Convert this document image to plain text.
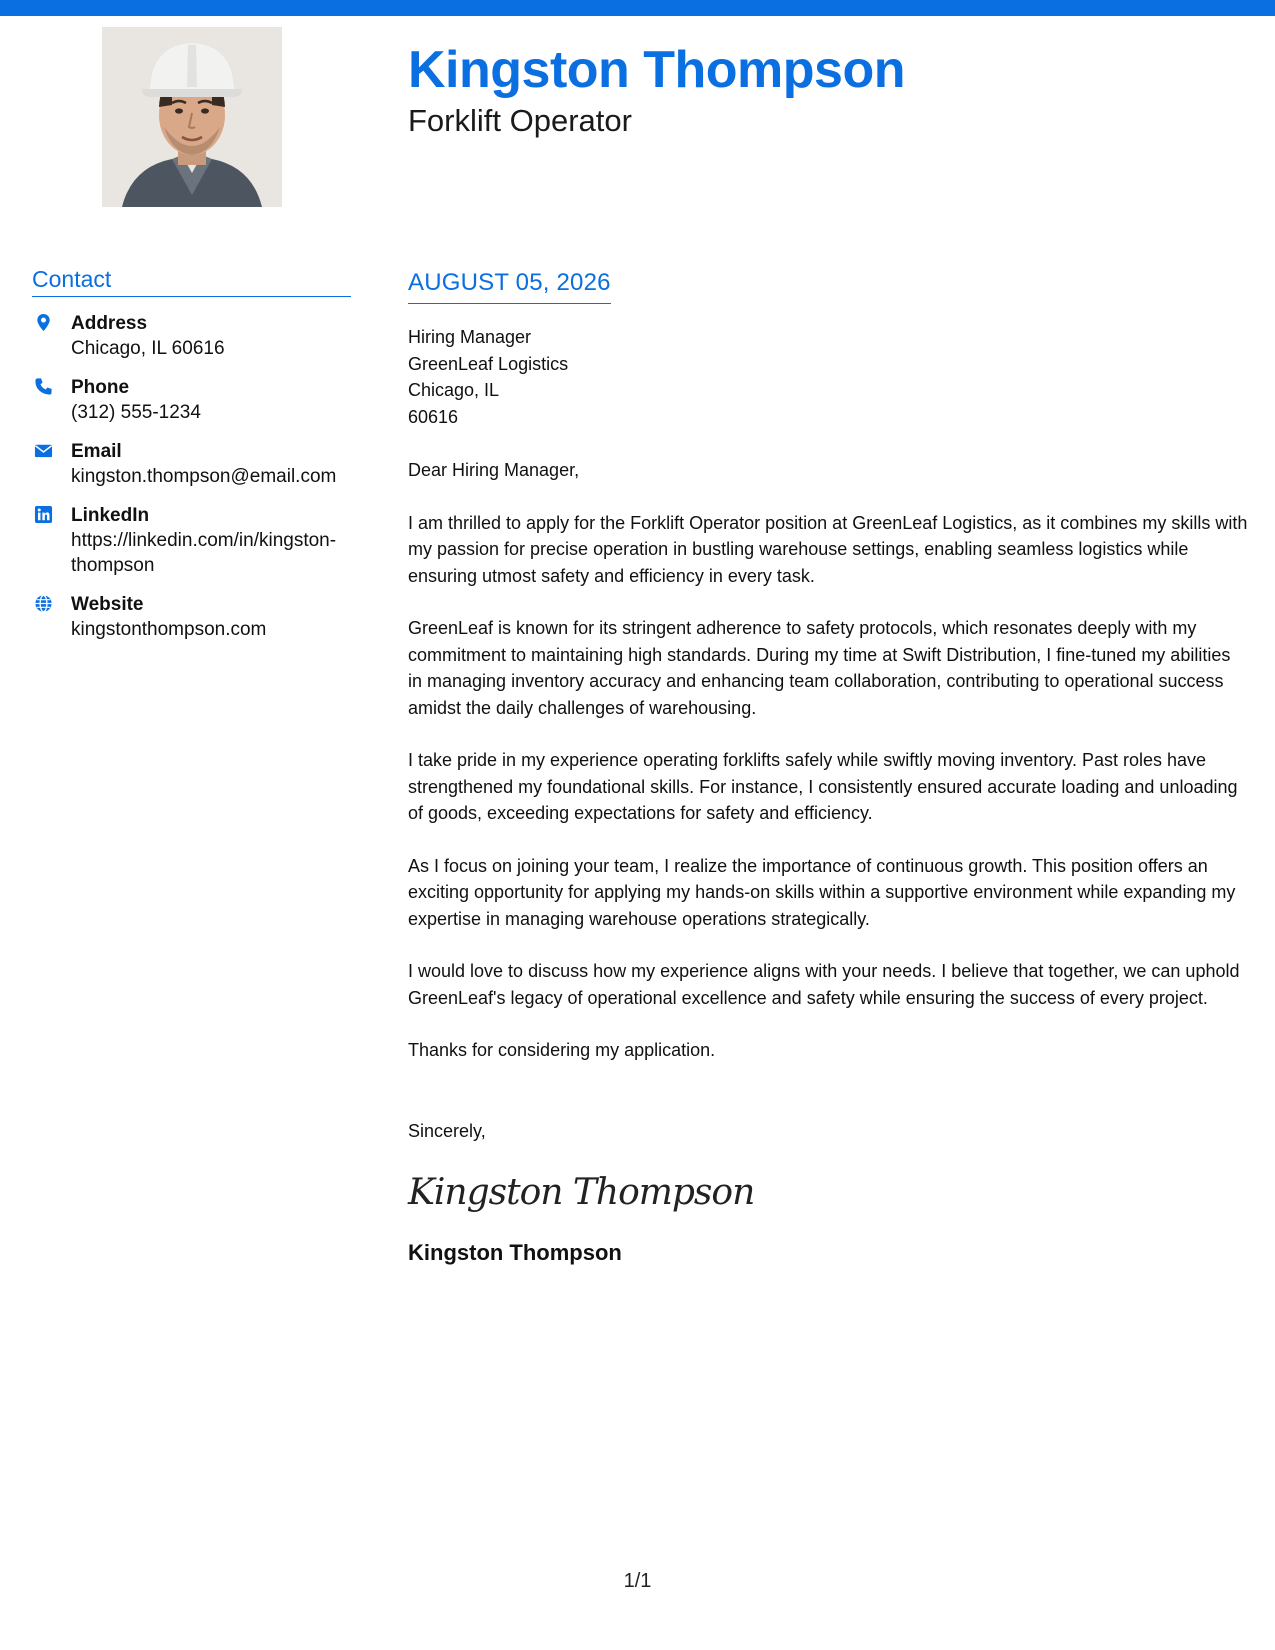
Kingston Thompson
Forklift Operator
Contact
Address
Chicago, IL 60616
Phone
(312) 555-1234
Email
kingston.thompson@email.com
LinkedIn
https://linkedin.com/in/kingston-thompson
Website
kingstonthompson.com
AUGUST 05, 2026
Hiring Manager
GreenLeaf Logistics
Chicago, IL
60616
Dear Hiring Manager,

I am thrilled to apply for the Forklift Operator position at GreenLeaf Logistics, as it combines my skills with my passion for precise operation in bustling warehouse settings, enabling seamless logistics while ensuring utmost safety and efficiency in every task.

GreenLeaf is known for its stringent adherence to safety protocols, which resonates deeply with my commitment to maintaining high standards. During my time at Swift Distribution, I fine-tuned my abilities in managing inventory accuracy and enhancing team collaboration, contributing to operational success amidst the daily challenges of warehousing.

I take pride in my experience operating forklifts safely while swiftly moving inventory. Past roles have strengthened my foundational skills. For instance, I consistently ensured accurate loading and unloading of goods, exceeding expectations for safety and efficiency.

As I focus on joining your team, I realize the importance of continuous growth. This position offers an exciting opportunity for applying my hands-on skills within a supportive environment while expanding my expertise in managing warehouse operations strategically.

I would love to discuss how my experience aligns with your needs. I believe that together, we can uphold GreenLeaf's legacy of operational excellence and safety while ensuring the success of every project.

Thanks for considering my application.

Sincerely,
Kingston Thompson
Kingston Thompson
1/1
